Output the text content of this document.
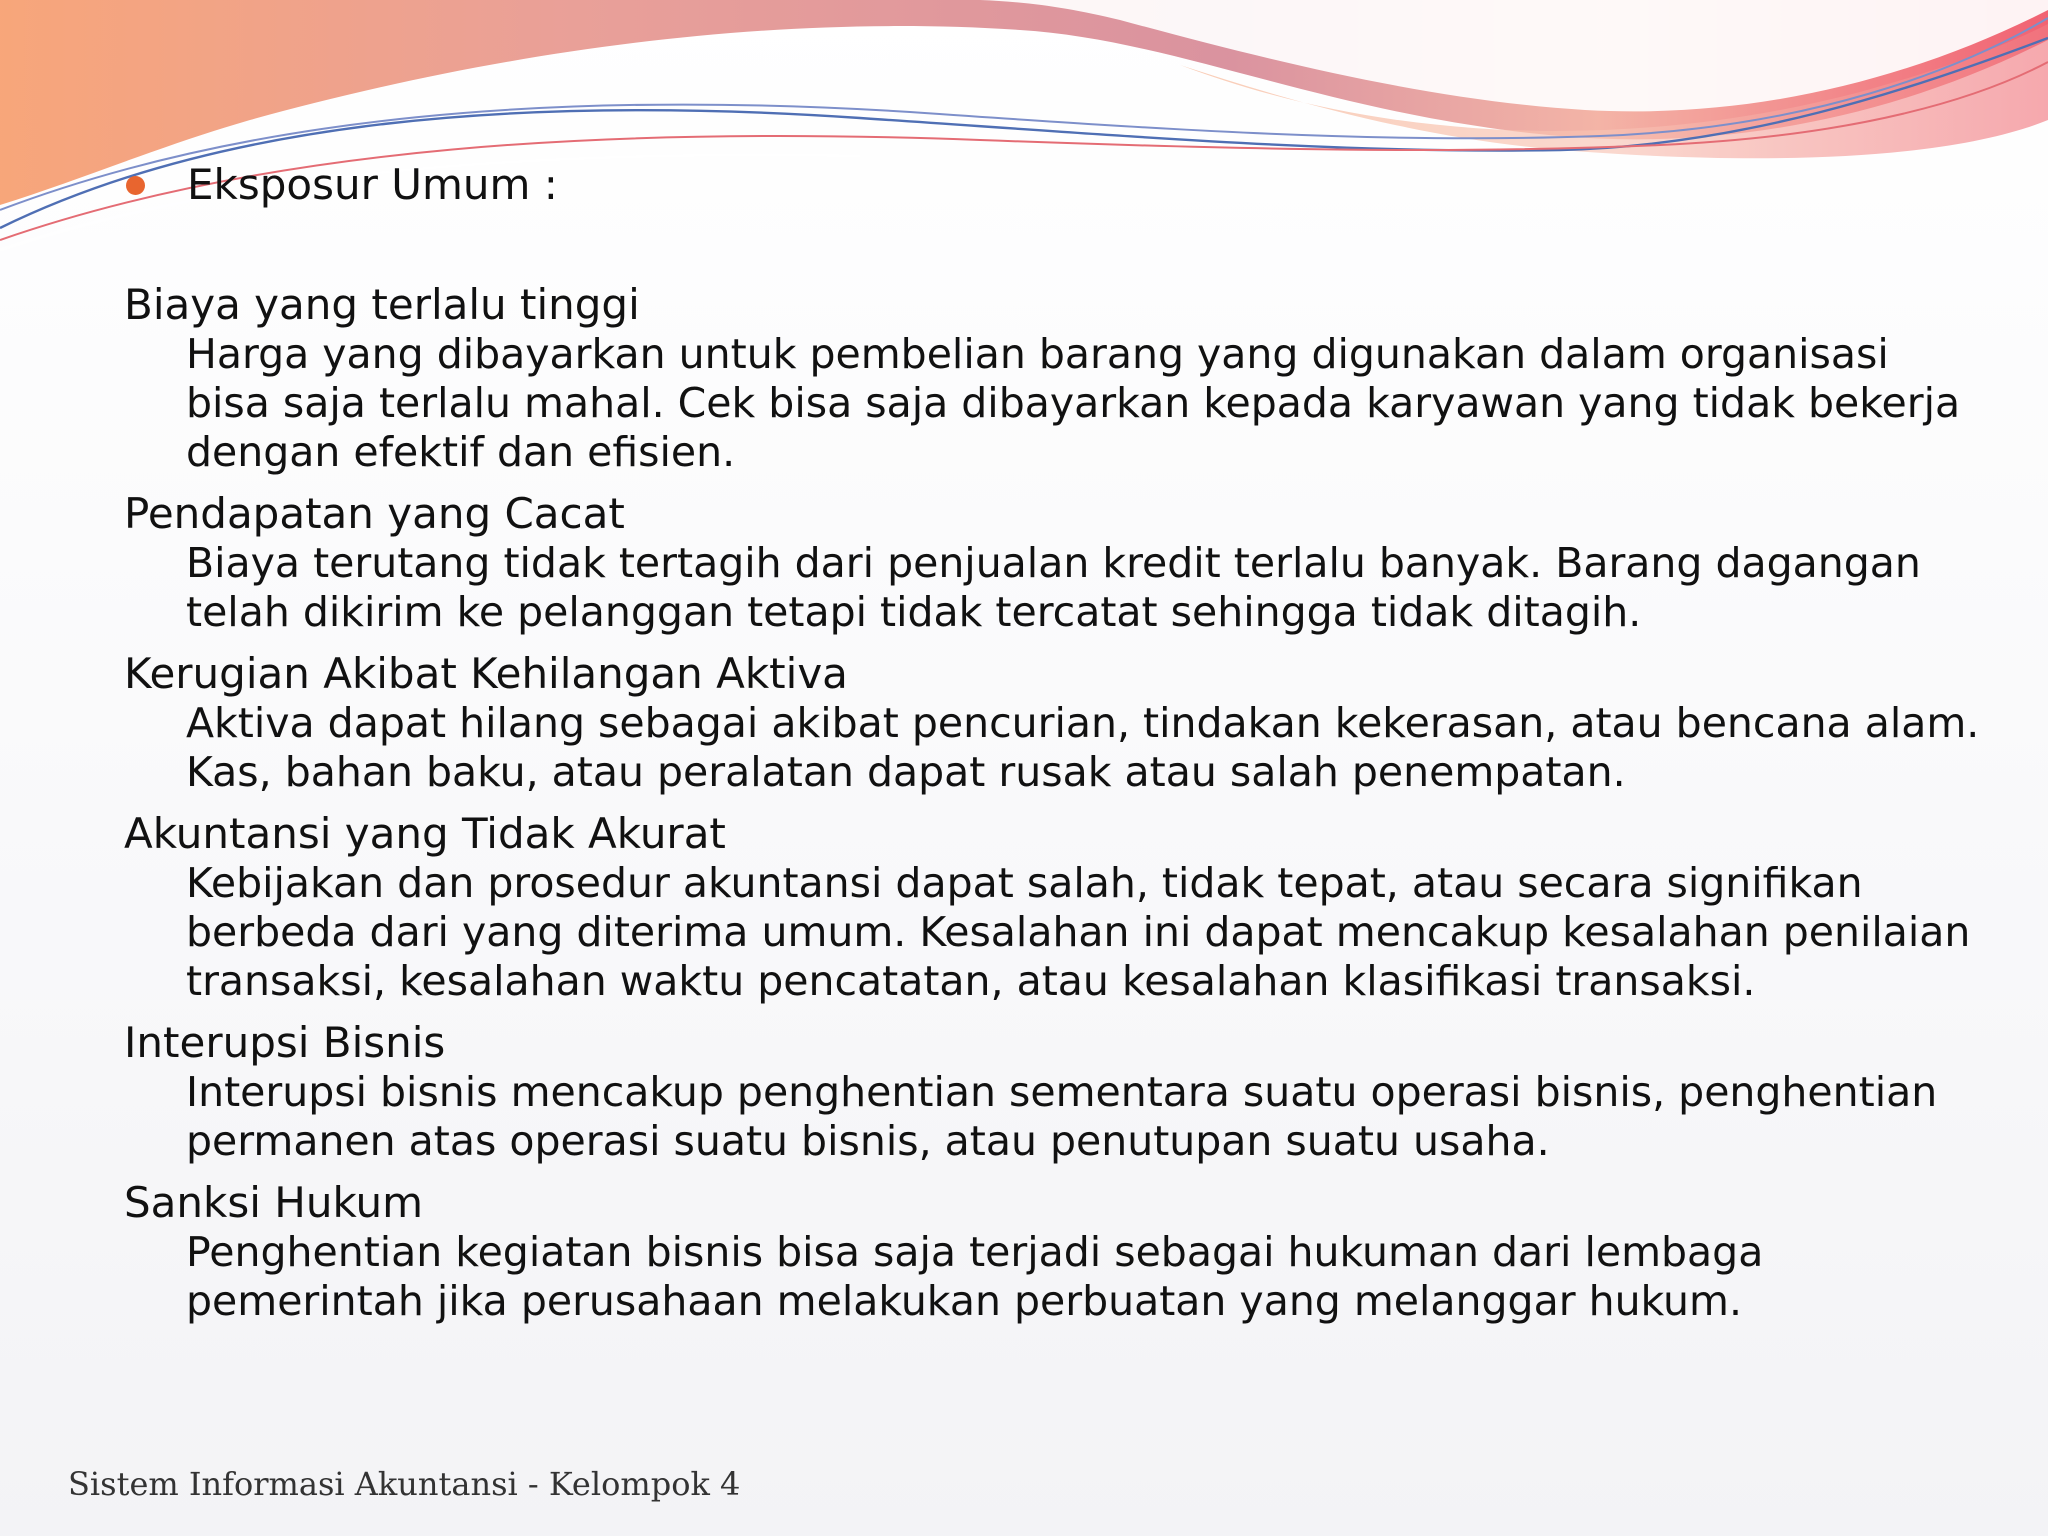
Eksposur Umum :
Biaya yang terlalu tinggi
Harga yang dibayarkan untuk pembelian barang yang digunakan dalam organisasi bisa saja terlalu mahal. Cek bisa saja dibayarkan kepada karyawan yang tidak bekerja dengan efektif dan efisien.
Pendapatan yang Cacat
Biaya terutang tidak tertagih dari penjualan kredit terlalu banyak. Barang dagangan telah dikirim ke pelanggan tetapi tidak tercatat sehingga tidak ditagih.
Kerugian Akibat Kehilangan Aktiva
Aktiva dapat hilang sebagai akibat pencurian, tindakan kekerasan, atau bencana alam. Kas, bahan baku, atau peralatan dapat rusak atau salah penempatan.
Akuntansi yang Tidak Akurat
Kebijakan dan prosedur akuntansi dapat salah, tidak tepat, atau secara signifikan berbeda dari yang diterima umum. Kesalahan ini dapat mencakup kesalahan penilaian transaksi, kesalahan waktu pencatatan, atau kesalahan klasifikasi transaksi.
Interupsi Bisnis
Interupsi bisnis mencakup penghentian sementara suatu operasi bisnis, penghentian permanen atas operasi suatu bisnis, atau penutupan suatu usaha.
Sanksi Hukum
Penghentian kegiatan bisnis bisa saja terjadi sebagai hukuman dari lembaga pemerintah jika perusahaan melakukan perbuatan yang melanggar hukum.
Sistem Informasi Akuntansi - Kelompok 4
